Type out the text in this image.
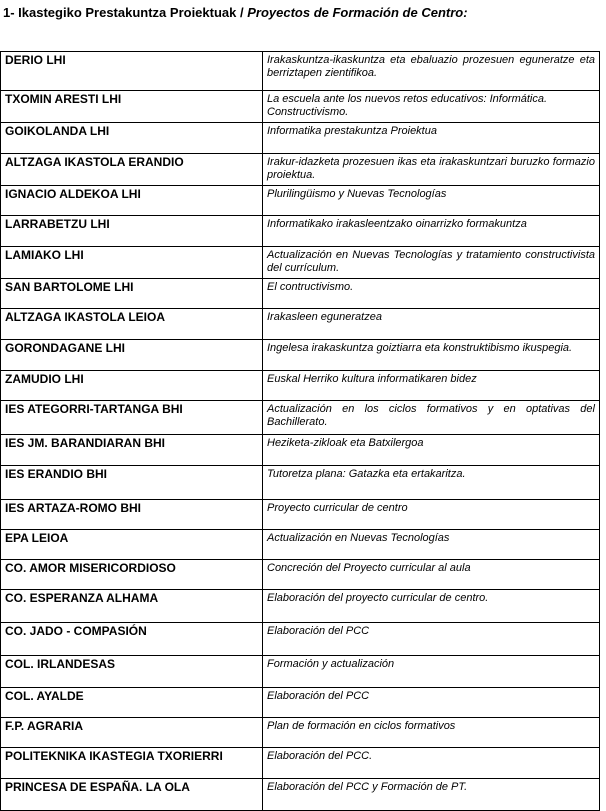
1- Ikastegiko Prestakuntza Proiektuak / Proyectos de Formación de Centro:
DERIO LHI	Irakaskuntza-ikaskuntza eta ebaluazio prozesuen eguneratze eta berriztapen zientifikoa.
TXOMIN ARESTI LHI	La escuela ante los nuevos retos educativos: Informática. Constructivismo.
GOIKOLANDA LHI	Informatika prestakuntza Proiektua
ALTZAGA IKASTOLA ERANDIO	Irakur-idazketa prozesuen ikas eta irakaskuntzari buruzko formazio proiektua.
IGNACIO ALDEKOA LHI	Plurilingüismo y Nuevas Tecnologías
LARRABETZU LHI	Informatikako irakasleentzako oinarrizko formakuntza
LAMIAKO LHI	Actualización en Nuevas Tecnologías y tratamiento constructivista del currículum.
SAN BARTOLOME LHI	El contructivismo.
ALTZAGA IKASTOLA LEIOA	Irakasleen eguneratzea
GORONDAGANE LHI	Ingelesa irakaskuntza goiztiarra eta konstruktibismo ikuspegia.
ZAMUDIO LHI	Euskal Herriko kultura informatikaren bidez
IES ATEGORRI-TARTANGA BHI	Actualización en los ciclos formativos y en optativas del Bachillerato.
IES JM. BARANDIARAN BHI	Heziketa-zikloak eta Batxilergoa
IES ERANDIO BHI	Tutoretza plana: Gatazka eta ertakaritza.
IES ARTAZA-ROMO BHI	Proyecto curricular de centro
EPA LEIOA	Actualización en Nuevas Tecnologías
CO. AMOR MISERICORDIOSO	Concreción del Proyecto curricular al aula
CO. ESPERANZA ALHAMA	Elaboración del proyecto curricular de centro.
CO. JADO - COMPASIÓN	Elaboración del PCC
COL. IRLANDESAS	Formación y actualización
COL. AYALDE	Elaboración del PCC
F.P. AGRARIA	Plan de formación en ciclos formativos
POLITEKNIKA IKASTEGIA TXORIERRI	Elaboración del PCC.
PRINCESA DE ESPAÑA. LA OLA	Elaboración del PCC y Formación de PT.
